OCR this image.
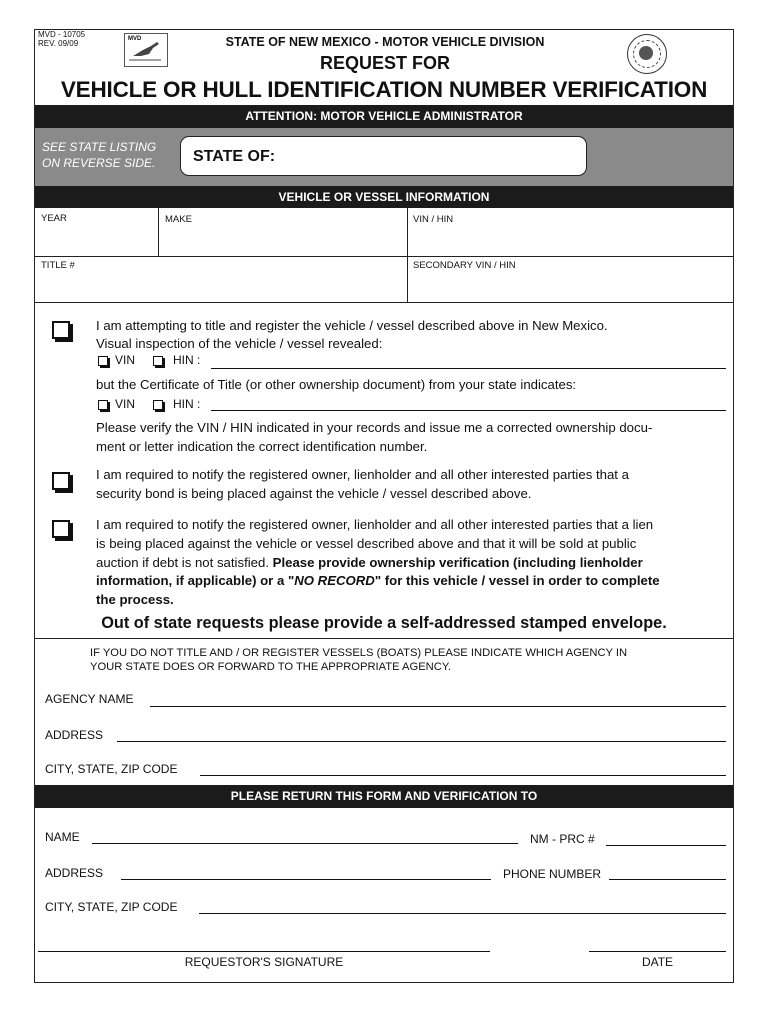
MVD - 10705
REV. 09/09	MVD	STATE OF NEW MEXICO - MOTOR VEHICLE DIVISION
REQUEST FOR
VEHICLE OR HULL IDENTIFICATION NUMBER VERIFICATION
ATTENTION: MOTOR VEHICLE ADMINISTRATOR
SEE STATE LISTING
ON REVERSE SIDE. STATE OF:
VEHICLE OR VESSEL INFORMATION
YEAR	MAKE	VIN / HIN
TITLE #	SECONDARY VIN / HIN
I am attempting to title and register the vehicle / vessel described above in New Mexico.
Visual inspection of the vehicle / vessel revealed:
VIN	HIN :
but the Certificate of Title (or other ownership document) from your state indicates:
VIN	HIN :
Please verify the VIN / HIN indicated in your records and issue me a corrected ownership docu-
ment or letter indication the correct identification number.
I am required to notify the registered owner, lienholder and all other interested parties that a
security bond is being placed against the vehicle / vessel described above.
I am required to notify the registered owner, lienholder and all other interested parties that a lien
is being placed against the vehicle or vessel described above and that it will be sold at public
auction if debt is not satisfied. Please provide ownership verification (including lienholder
information, if applicable) or a "NO RECORD" for this vehicle / vessel in order to complete
the process.
Out of state requests please provide a self-addressed stamped envelope.
IF YOU DO NOT TITLE AND / OR REGISTER VESSELS (BOATS) PLEASE INDICATE WHICH AGENCY IN
YOUR STATE DOES OR FORWARD TO THE APPROPRIATE AGENCY.
AGENCY NAME
ADDRESS
CITY, STATE, ZIP CODE
PLEASE RETURN THIS FORM AND VERIFICATION TO
NAME	NM - PRC #
ADDRESS	PHONE NUMBER
CITY, STATE, ZIP CODE
REQUESTOR'S SIGNATURE	DATE
